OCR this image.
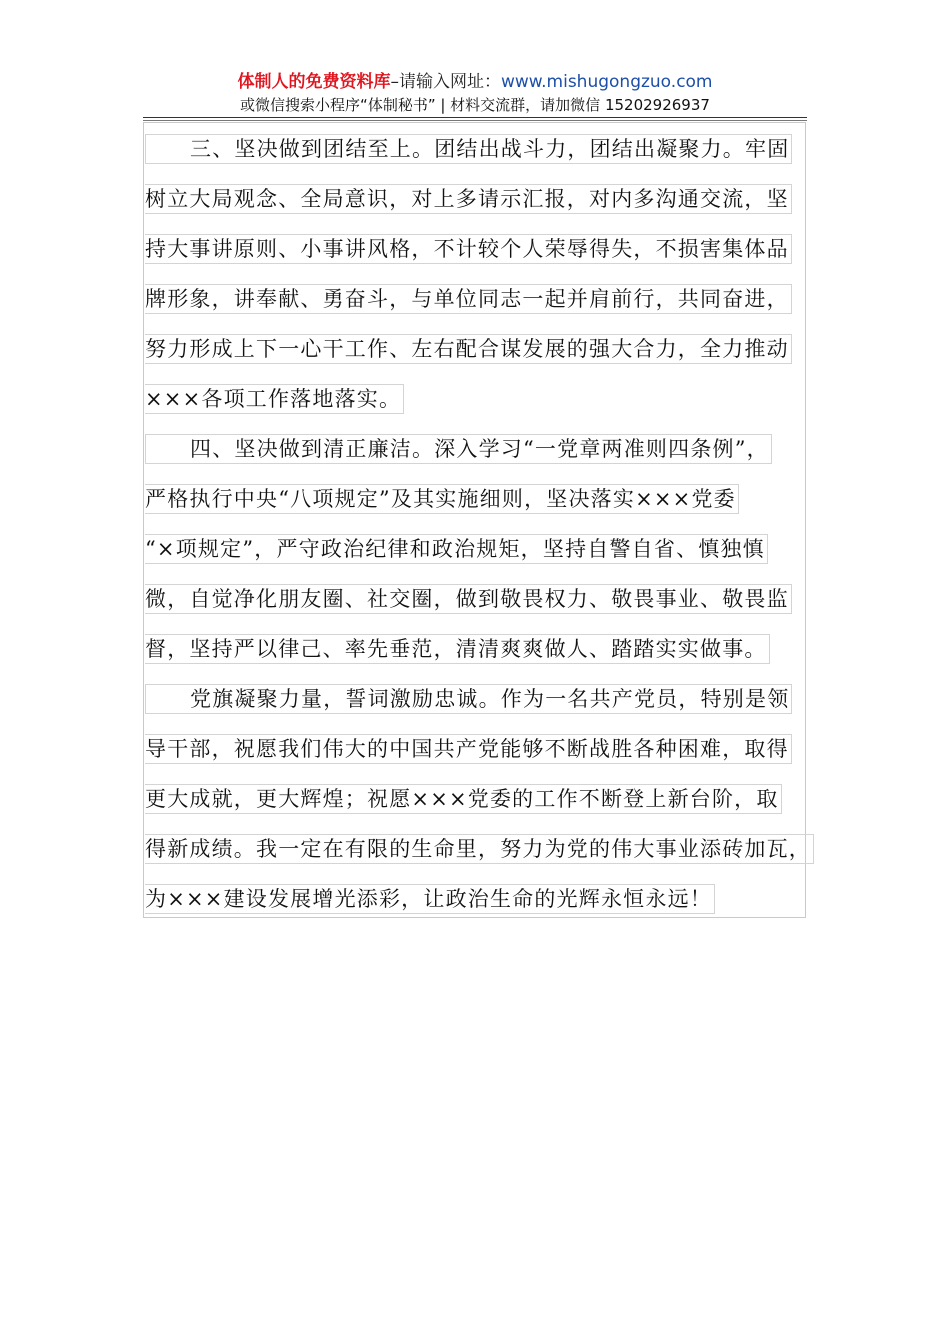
体制人的免费资料库–请输入网址：www.mishugongzuo.com
或微信搜索小程序“体制秘书” | 材料交流群，请加微信 15202926937
三、坚决做到团结至上。团结出战斗力，团结出凝聚力。牢固
树立大局观念、全局意识，对上多请示汇报，对内多沟通交流，坚
持大事讲原则、小事讲风格，不计较个人荣辱得失，不损害集体品
牌形象，讲奉献、勇奋斗，与单位同志一起并肩前行，共同奋进，
努力形成上下一心干工作、左右配合谋发展的强大合力，全力推动
×××各项工作落地落实。
四、坚决做到清正廉洁。深入学习“一党章两准则四条例”，
严格执行中央“八项规定”及其实施细则，坚决落实×××党委
“×项规定”，严守政治纪律和政治规矩，坚持自警自省、慎独慎
微，自觉净化朋友圈、社交圈，做到敬畏权力、敬畏事业、敬畏监
督，坚持严以律己、率先垂范，清清爽爽做人、踏踏实实做事。
党旗凝聚力量，誓词激励忠诚。作为一名共产党员，特别是领
导干部，祝愿我们伟大的中国共产党能够不断战胜各种困难，取得
更大成就，更大辉煌；祝愿×××党委的工作不断登上新台阶，取
得新成绩。我一定在有限的生命里，努力为党的伟大事业添砖加瓦，
为×××建设发展增光添彩，让政治生命的光辉永恒永远！
